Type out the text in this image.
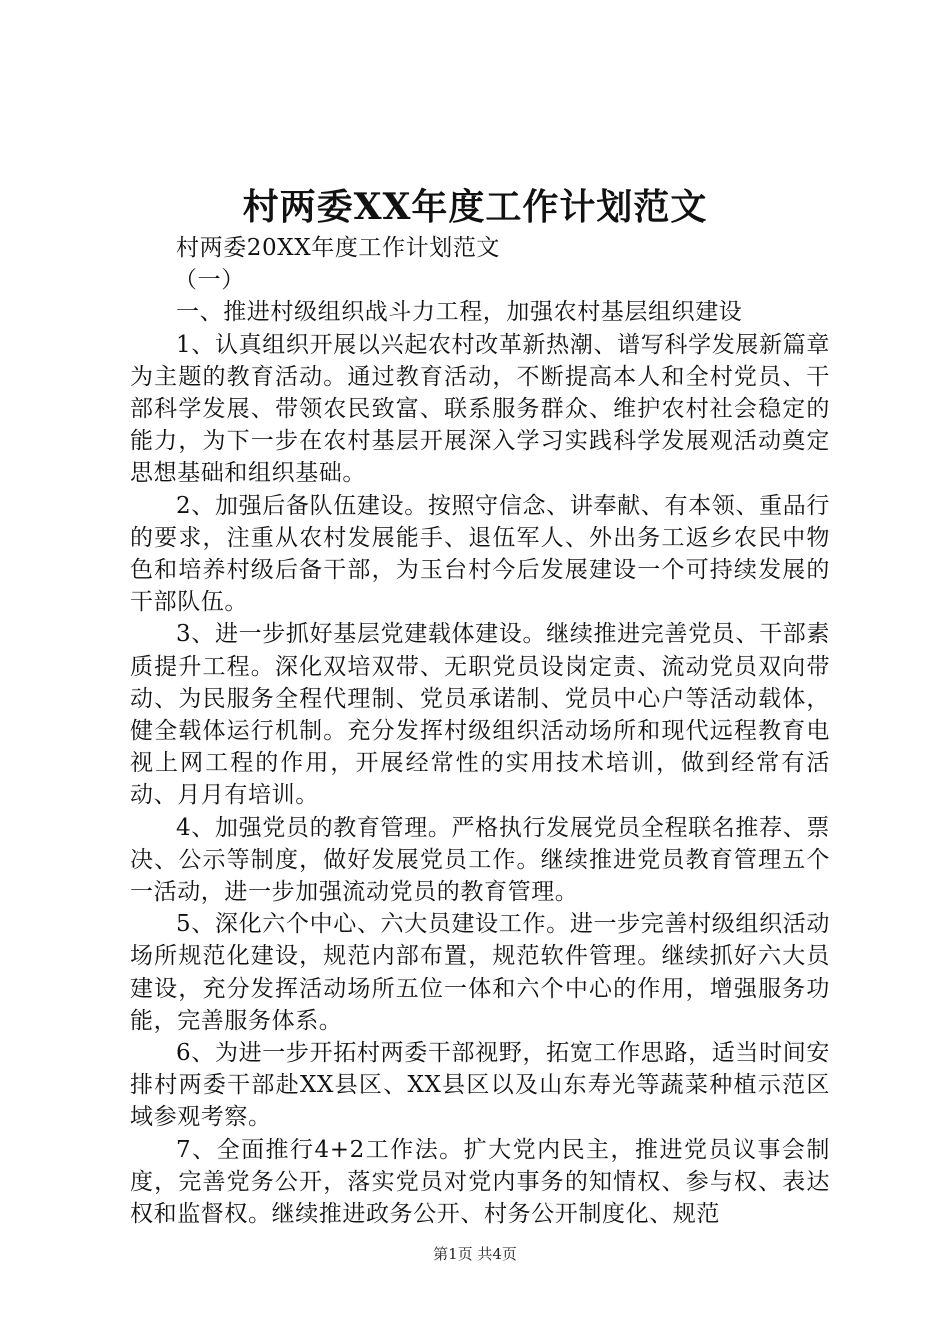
村两委XX年度工作计划范文
村两委20XX年度工作计划范文
（一）
一、推进村级组织战斗力工程，加强农村基层组织建设

1、认真组织开展以兴起农村改革新热潮、谱写科学发展新篇章为主题的教育活动。通过教育活动，不断提高本人和全村党员、干部科学发展、带领农民致富、联系服务群众、维护农村社会稳定的能力，为下一步在农村基层开展深入学习实践科学发展观活动奠定思想基础和组织基础。

2、加强后备队伍建设。按照守信念、讲奉献、有本领、重品行的要求，注重从农村发展能手、退伍军人、外出务工返乡农民中物色和培养村级后备干部，为玉台村今后发展建设一个可持续发展的干部队伍。

3、进一步抓好基层党建载体建设。继续推进完善党员、干部素质提升工程。深化双培双带、无职党员设岗定责、流动党员双向带动、为民服务全程代理制、党员承诺制、党员中心户等活动载体，健全载体运行机制。充分发挥村级组织活动场所和现代远程教育电视上网工程的作用，开展经常性的实用技术培训，做到经常有活动、月月有培训。

4、加强党员的教育管理。严格执行发展党员全程联名推荐、票决、公示等制度，做好发展党员工作。继续推进党员教育管理五个一活动，进一步加强流动党员的教育管理。

5、深化六个中心、六大员建设工作。进一步完善村级组织活动场所规范化建设，规范内部布置，规范软件管理。继续抓好六大员建设，充分发挥活动场所五位一体和六个中心的作用，增强服务功能，完善服务体系。

6、为进一步开拓村两委干部视野，拓宽工作思路，适当时间安排村两委干部赴XX县区、XX县区以及山东寿光等蔬菜种植示范区域参观考察。

7、全面推行4+2工作法。扩大党内民主，推进党员议事会制度，完善党务公开，落实党员对党内事务的知情权、参与权、表达权和监督权。继续推进政务公开、村务公开制度化、规范

第1页 共4页
